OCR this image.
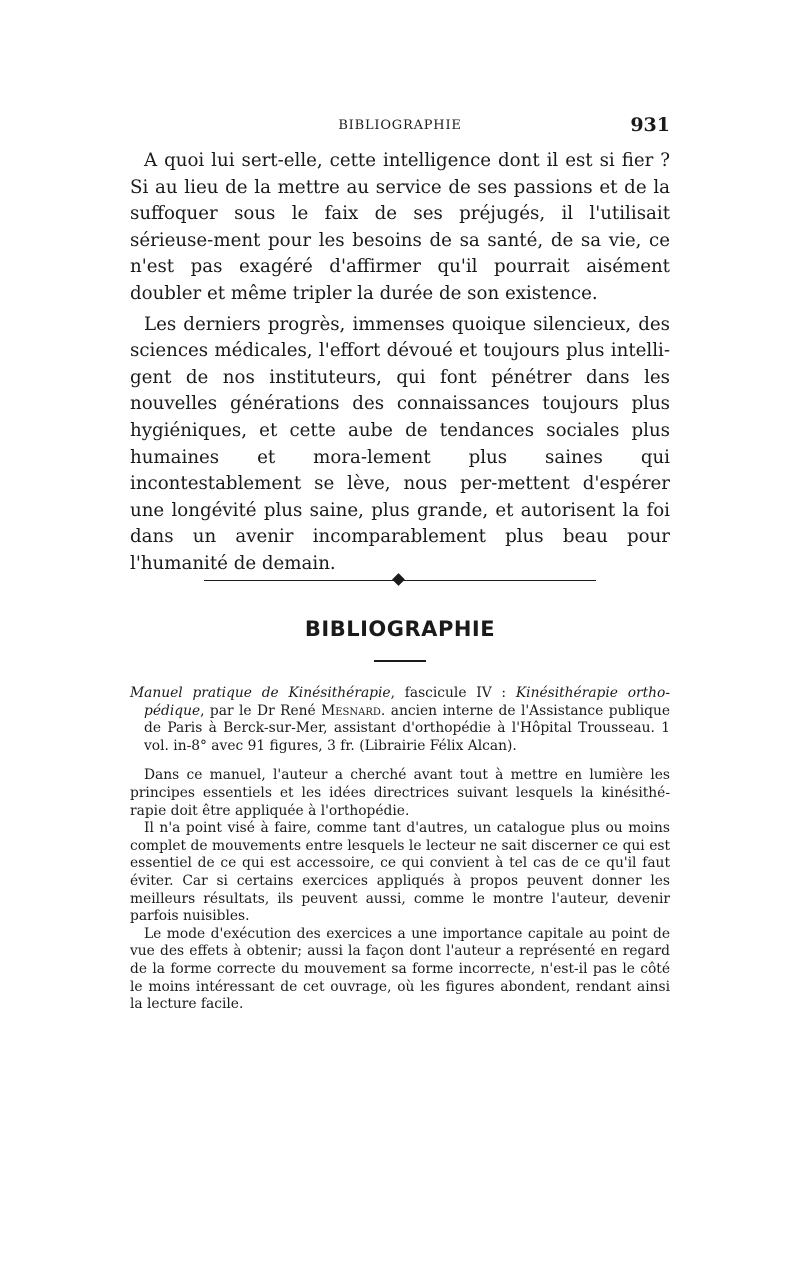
BIBLIOGRAPHIE	931

A quoi lui sert-elle, cette intelligence dont il est si fier ? Si au lieu de la mettre au service de ses passions et de la suffoquer sous le faix de ses préjugés, il l'utilisait sérieuse-ment pour les besoins de sa santé, de sa vie, ce n'est pas exagéré d'affirmer qu'il pourrait aisément doubler et même tripler la durée de son existence.

Les derniers progrès, immenses quoique silencieux, des sciences médicales, l'effort dévoué et toujours plus intelli-gent de nos instituteurs, qui font pénétrer dans les nouvelles générations des connaissances toujours plus hygiéniques, et cette aube de tendances sociales plus humaines et mora-lement plus saines qui incontestablement se lève, nous per-mettent d'espérer une longévité plus saine, plus grande, et autorisent la foi dans un avenir incomparablement plus beau pour l'humanité de demain.

BIBLIOGRAPHIE

Manuel pratique de Kinésithérapie, fascicule IV : Kinésithérapie ortho-pédique, par le Dr René Mesnard. ancien interne de l'Assistance publique de Paris à Berck-sur-Mer, assistant d'orthopédie à l'Hôpital Trousseau. 1 vol. in-8° avec 91 figures, 3 fr. (Librairie Félix Alcan).

Dans ce manuel, l'auteur a cherché avant tout à mettre en lumière les principes essentiels et les idées directrices suivant lesquels la kinésithé-rapie doit être appliquée à l'orthopédie.

Il n'a point visé à faire, comme tant d'autres, un catalogue plus ou moins complet de mouvements entre lesquels le lecteur ne sait discerner ce qui est essentiel de ce qui est accessoire, ce qui convient à tel cas de ce qu'il faut éviter. Car si certains exercices appliqués à propos peuvent donner les meilleurs résultats, ils peuvent aussi, comme le montre l'auteur, devenir parfois nuisibles.

Le mode d'exécution des exercices a une importance capitale au point de vue des effets à obtenir; aussi la façon dont l'auteur a représenté en regard de la forme correcte du mouvement sa forme incorrecte, n'est-il pas le côté le moins intéressant de cet ouvrage, où les figures abondent, rendant ainsi la lecture facile.
